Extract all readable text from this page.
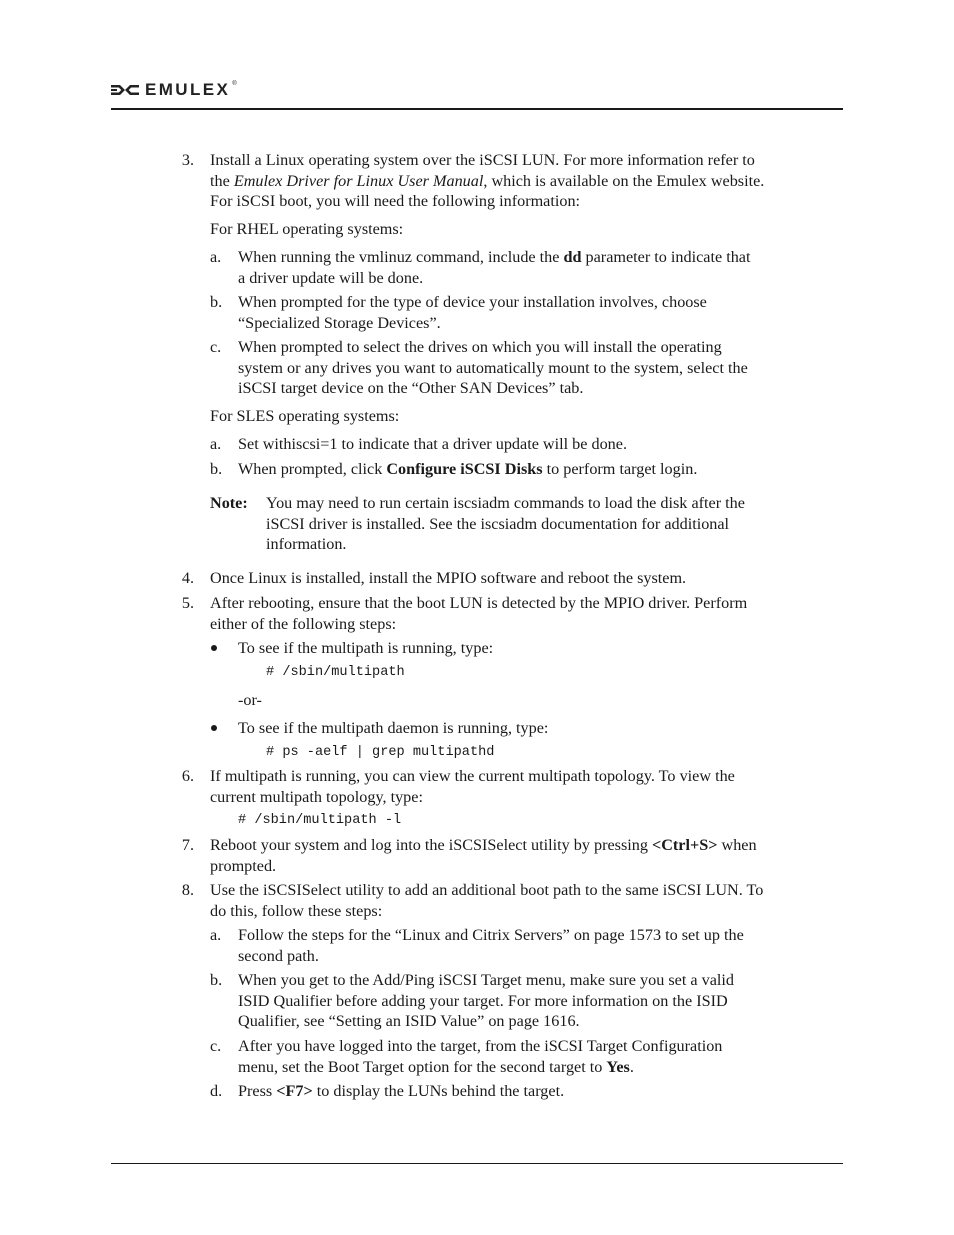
EMULEX ®
3. Install a Linux operating system over the iSCSI LUN. For more information refer to
the Emulex Driver for Linux User Manual, which is available on the Emulex website.
For iSCSI boot, you will need the following information:
For RHEL operating systems:
a. When running the vmlinuz command, include the dd parameter to indicate that
a driver update will be done.
b. When prompted for the type of device your installation involves, choose
“Specialized Storage Devices”.
c. When prompted to select the drives on which you will install the operating
system or any drives you want to automatically mount to the system, select the
iSCSI target device on the “Other SAN Devices” tab.
For SLES operating systems:
a. Set withiscsi=1 to indicate that a driver update will be done.
b. When prompted, click Configure iSCSI Disks to perform target login.
Note: You may need to run certain iscsiadm commands to load the disk after the
iSCSI driver is installed. See the iscsiadm documentation for additional
information.
4. Once Linux is installed, install the MPIO software and reboot the system.
5. After rebooting, ensure that the boot LUN is detected by the MPIO driver. Perform
either of the following steps:
To see if the multipath is running, type:
# /sbin/multipath
-or-
To see if the multipath daemon is running, type:
# ps -aelf | grep multipathd
6. If multipath is running, you can view the current multipath topology. To view the
current multipath topology, type:
# /sbin/multipath -l
7. Reboot your system and log into the iSCSISelect utility by pressing <Ctrl+S> when
prompted.
8. Use the iSCSISelect utility to add an additional boot path to the same iSCSI LUN. To
do this, follow these steps:
a. Follow the steps for the “Linux and Citrix Servers” on page 1573 to set up the
second path.
b. When you get to the Add/Ping iSCSI Target menu, make sure you set a valid
ISID Qualifier before adding your target. For more information on the ISID
Qualifier, see “Setting an ISID Value” on page 1616.
c. After you have logged into the target, from the iSCSI Target Configuration
menu, set the Boot Target option for the second target to Yes.
d. Press <F7> to display the LUNs behind the target.
